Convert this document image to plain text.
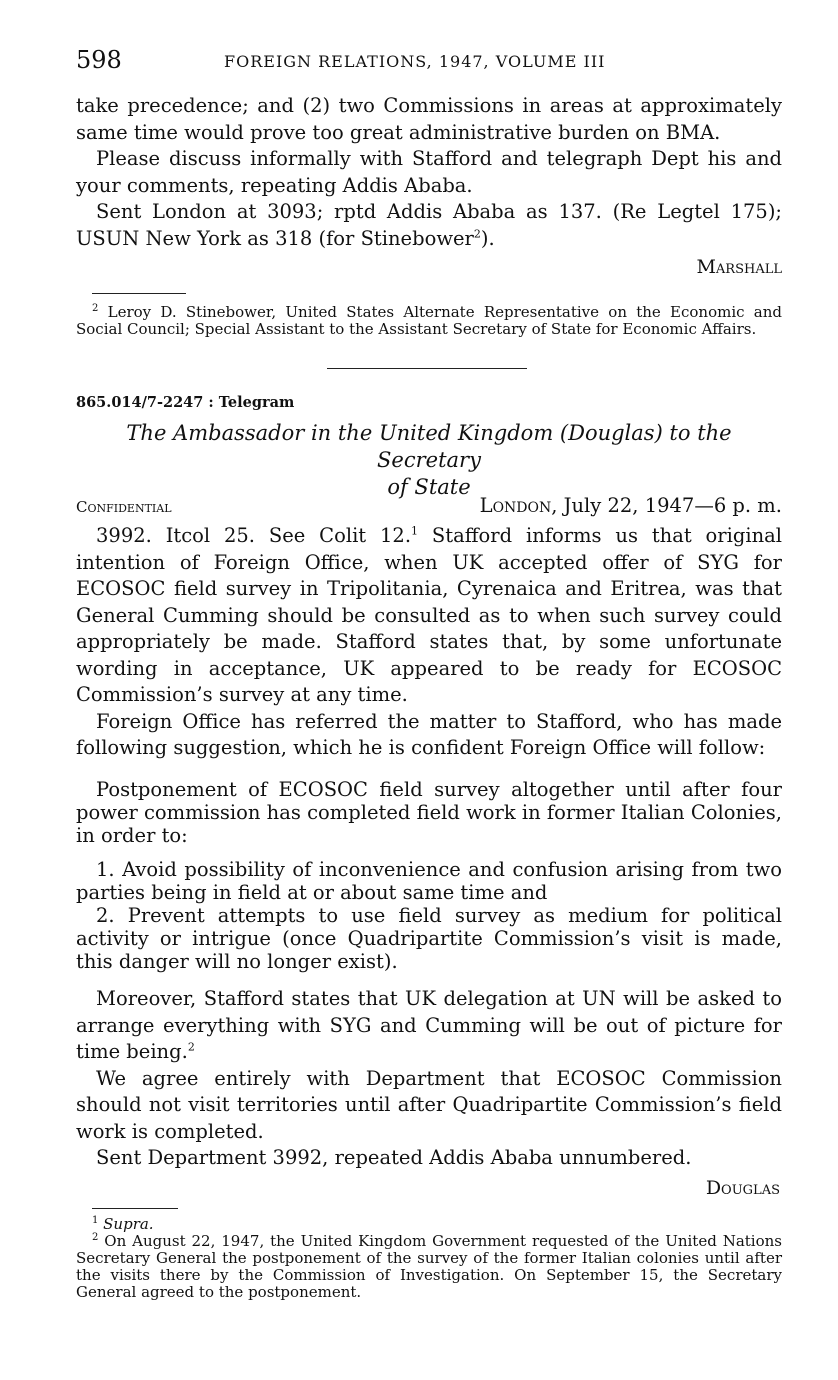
598	FOREIGN RELATIONS, 1947, VOLUME III

take precedence; and (2) two Commissions in areas at approximately same time would prove too great administrative burden on BMA.

Please discuss informally with Stafford and telegraph Dept his and your comments, repeating Addis Ababa.

Sent London at 3093; rptd Addis Ababa as 137. (Re Legtel 175); USUN New York as 318 (for Stinebower$^2$).

Marshall

$^2$ Leroy D. Stinebower, United States Alternate Representative on the Economic and Social Council; Special Assistant to the Assistant Secretary of State for Economic Affairs.

865.014/7-2247 : Telegram
The Ambassador in the United Kingdom (Douglas) to the Secretary
of State
Confidential	London, July 22, 1947—6 p. m.

3992. Itcol 25. See Colit 12.$^1$ Stafford informs us that original intention of Foreign Office, when UK accepted offer of SYG for ECOSOC field survey in Tripolitania, Cyrenaica and Eritrea, was that General Cumming should be consulted as to when such survey could appropriately be made. Stafford states that, by some unfortunate wording in acceptance, UK appeared to be ready for ECOSOC Commission’s survey at any time.

Foreign Office has referred the matter to Stafford, who has made following suggestion, which he is confident Foreign Office will follow:

Postponement of ECOSOC field survey altogether until after four power commission has completed field work in former Italian Colonies, in order to:

1. Avoid possibility of inconvenience and confusion arising from two parties being in field at or about same time and

2. Prevent attempts to use field survey as medium for political activity or intrigue (once Quadripartite Commission’s visit is made, this danger will no longer exist).

Moreover, Stafford states that UK delegation at UN will be asked to arrange everything with SYG and Cumming will be out of picture for time being.$^2$

We agree entirely with Department that ECOSOC Commission should not visit territories until after Quadripartite Commission’s field work is completed.

Sent Department 3992, repeated Addis Ababa unnumbered.

Douglas

$^1$ Supra.

$^2$ On August 22, 1947, the United Kingdom Government requested of the United Nations Secretary General the postponement of the survey of the former Italian colonies until after the visits there by the Commission of Investigation. On September 15, the Secretary General agreed to the postponement.
